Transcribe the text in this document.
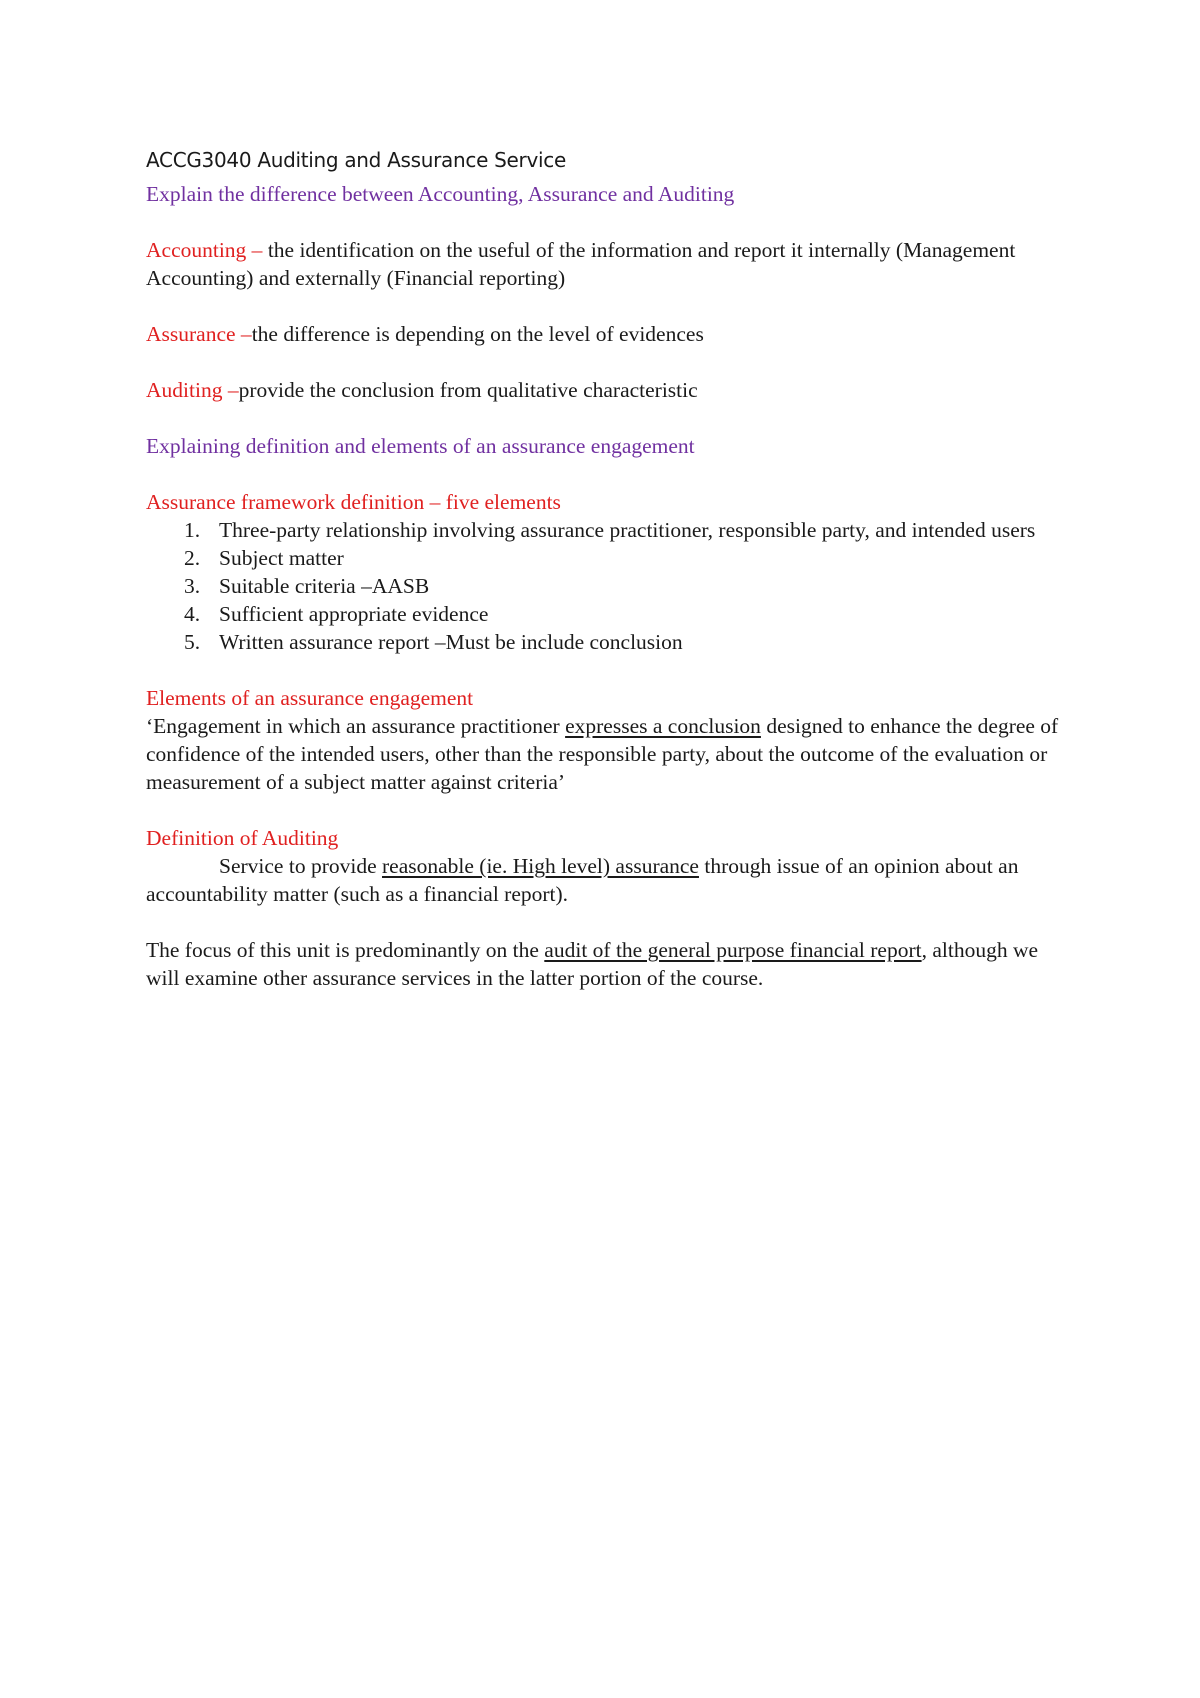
ACCG3040 Auditing and Assurance Service

Explain the difference between Accounting, Assurance and Auditing

Accounting – the identification on the useful of the information and report it internally (Management Accounting) and externally (Financial reporting)

Assurance –the difference is depending on the level of evidences

Auditing –provide the conclusion from qualitative characteristic

Explaining definition and elements of an assurance engagement

Assurance framework definition – five elements

1. Three-party relationship involving assurance practitioner, responsible party, and intended users
2. Subject matter
3. Suitable criteria –AASB
4. Sufficient appropriate evidence
5. Written assurance report –Must be include conclusion

Elements of an assurance engagement

‘Engagement in which an assurance practitioner expresses a conclusion designed to enhance the degree of confidence of the intended users, other than the responsible party, about the outcome of the evaluation or measurement of a subject matter against criteria’

Definition of Auditing

Service to provide reasonable (ie. High level) assurance through issue of an opinion about an accountability matter (such as a financial report).

The focus of this unit is predominantly on the audit of the general purpose financial report, although we will examine other assurance services in the latter portion of the course.
